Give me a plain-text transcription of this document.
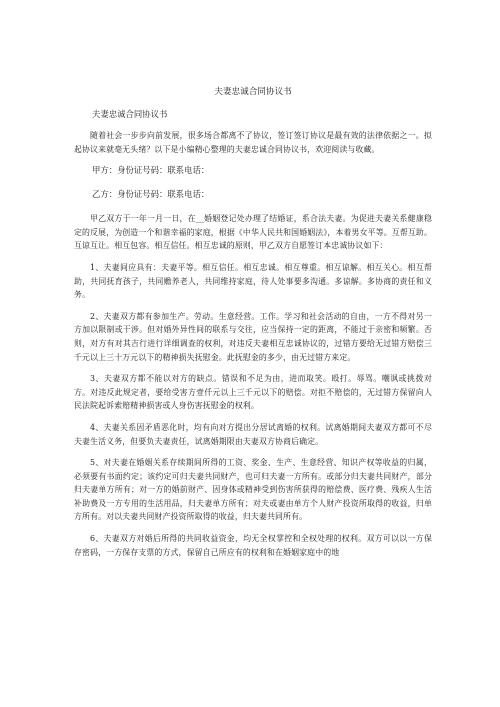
夫妻忠诚合同协议书
夫妻忠诚合同协议书

随着社会一步步向前发展，很多场合都离不了协议，签订签订协议是最有效的法律依据之一。拟起协议来就毫无头绪？以下是小编精心整理的夫妻忠诚合同协议书，欢迎阅读与收藏。

甲方：身份证号码：联系电话：
乙方：身份证号码：联系电话：

甲乙双方于一年一月一日，在__婚姻登记处办理了结婚证，系合法夫妻。为促进夫妻关系健康稳定的反展，为创造一个和谐幸福的家庭，根据《中华人民共和国婚姻法》，本着男女平等。互帮互助。互谅互让。相互包容。相互信任。相互忠诚的原则，甲乙双方自愿签订本忠诚协议如下：

1、夫妻间应具有：夫妻平等。相互信任。相互忠诚。相互尊重。相互谅解。相互关心。相互帮助，共同抚育孩子，共同赡养老人，共同维持家庭，待人处事要多沟通。多谅解。多协商的责任和义务。

2、夫妻双方都有参加生产。劳动。生意经营。工作。学习和社会活动的自由，一方不得对另一方加以限制或干涉。但对婚外异性间的联系与交往，应当保持一定的距离，不能过于亲密和频繁。否则，对方有对其吉行进行详细调查的权利，对违反夫妻相互忠诚协议的，过错方要给无过错方赔偿三千元以上三十万元以下的精神损失抚慰金。此抚慰金的多少，由无过错方来定。

3、夫妻双方都不能以对方的缺点。错误和不足为由，进而取笑。殴打。辱骂。嘲讽或挑拨对方。对违反此规定者，要给受害方壹仟元以上三千元以下的赔偿。对拒不赔偿的，无过错方保留向人民法院起诉索赔精神损害或人身伤害抚慰金的权利。

4、夫妻关系因矛盾恶化时，均有向对方提出分居试离婚的权利。试离婚期间夫妻双方都可不尽夫妻生活义务，但要负夫妻责任，试离婚期限由夫妻双方协商后确定。

5、对夫妻在婚姻关系存续期间所得的工资、奖金、生产、生意经营、知识产权等收益的归属，必须要有书面约定；该约定可归夫妻共同财产，也可归夫妻一方所有。或部分归夫妻共同财产，部分归夫妻单方所有；对一方的婚前财产、因身体或精神受到伤害所获得的赔偿费、医疗费、残疾人生活补助费及一方专用的生活用品，归夫妻单方所有；对夫或妻由单方个人财产投资所取得的收益，归单方所有。对以夫妻共同财产投资所取得的收益，归夫妻共同所有。

6、夫妻双方对婚后所得的共同收益资金，均无全权掌控和全权处理的权利。双方可以以一方保存密码，一方保存支票的方式，保留自己所应有的权利和在婚姻家庭中的地
